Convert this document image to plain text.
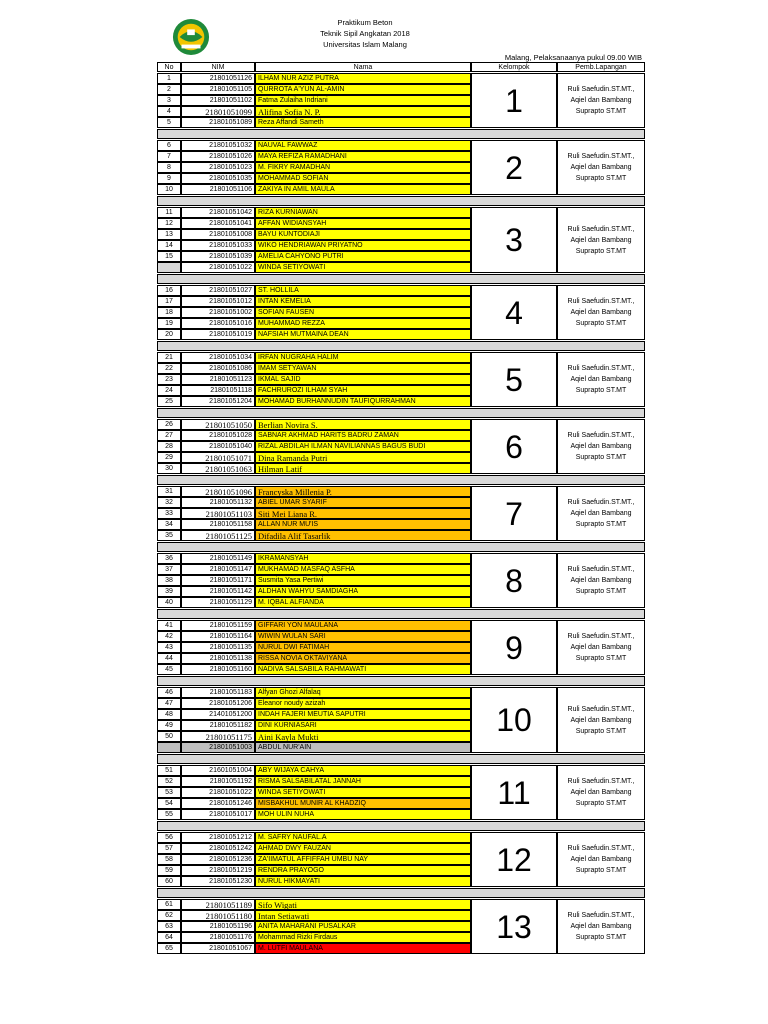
Praktikum Beton
Teknik Sipil Angkatan 2018
Universitas Islam Malang
Malang, Pelaksanaanya pukul 09.00 WIB
No	NIM	Nama	Kelompok	Pemb.Lapangan
1	21801051126 ILHAM NUR AZIZ PUTRA
2	21801051105 QURROTA A'YUN AL-AMIN
3	21801051102 Fatma Zulaiha Indriani
4	21801051099 Alifina Sofia N. P.
5	21801051089 Reza Affandi Sameth
1	Ruli Saefudin.ST.MT.,
Aqiel dan Bambang
Suprapto ST.MT
6	21801051032 NAUVAL FAWWAZ
7	21801051026 MAYA REFIZA RAMADHANI
8	21801051023 M. FIKRY RAMADHAN
9	21801051035 MOHAMMAD SOFIAN
10	21801051106 ZAKIYA IN AMIL MAULA
2	Ruli Saefudin.ST.MT.,
Aqiel dan Bambang
Suprapto ST.MT
11	21801051042 RIZA KURNIAWAN
12	21801051041 AFFAN WIDIANSYAH
13	21801051008 BAYU KUNTODIAJI
14	21801051033 WIKO HENDRIAWAN PRIYATNO
15	21801051039 AMELIA CAHYONO PUTRI
21801051022 WINDA SETIYOWATI
3	Ruli Saefudin.ST.MT.,
Aqiel dan Bambang
Suprapto ST.MT
16	21801051027 ST. HOLLILA
17	21801051012 INTAN KEMELIA
18	21801051002 SOFIAN FAUSEN
19	21801051016 MUHAMMAD REZZA
20	21801051019 NAFSIAH MUTMAINA DEAN
4	Ruli Saefudin.ST.MT.,
Aqiel dan Bambang
Suprapto ST.MT
21	21801051034 IRFAN NUGRAHA HALIM
22	21801051086 IMAM SETYAWAN
23	21801051123 IKMAL SAJID
24	21801051118 FACHRUROZI ILHAM SYAH
25	21801051204 MOHAMAD BURHANNUDIN TAUFIQURRAHMAN
5	Ruli Saefudin.ST.MT.,
Aqiel dan Bambang
Suprapto ST.MT
26	21801051050 Berlian Novira S.
27	21801051028 SABNAR AKHMAD HARITS BADRU ZAMAN
28	21801051040 RIZAL ABDILAH ILMAN NAVILIANNAS BAGUS BUDI
29	21801051071 Dina Ramanda Putri
30	21801051063 Hilman Latif
6	Ruli Saefudin.ST.MT.,
Aqiel dan Bambang
Suprapto ST.MT
31	21801051096 Francyska Millenia P.
32	21801051132 ABIEL UMAR SYARIF
33	21801051103 Siti Mei Liana R.
34	21801051158 ALLAN NUR MU'IS
35	21801051125 Difadila Alif Tasarlik
7	Ruli Saefudin.ST.MT.,
Aqiel dan Bambang
Suprapto ST.MT
36	21801051149 IKRAMANSYAH
37	21801051147 MUKHAMAD MASFAQ ASFHA
38	21801051171 Susmita Yasa Pertiwi
39	21801051142 ALDHAN WAHYU SAMDIAGHA
40	21801051129 M. IQBAL ALFIANDA
8	Ruli Saefudin.ST.MT.,
Aqiel dan Bambang
Suprapto ST.MT
41	21801051159 GIFFARI YON MAULANA
42	21801051164 WIWIN WULAN SARI
43	21801051135 NURUL DWI FATIMAH
44	21801051138 RISSA NOVIA OKTAVIYANA
45	21801051160 NADIVA SALSABILA RAHMAWATI
9	Ruli Saefudin.ST.MT.,
Aqiel dan Bambang
Suprapto ST.MT
46	21801051183 Alfyan Ghozi Alfalaq
47	21801051206 Eleanor noudy azizah
48	21401051200 INDAH FAJERI MEUTIA SAPUTRI
49	21801051182 DINI KURNIASARI
50	21801051175 Aini Kayla Mukti
21801051003 ABDUL NUR'AIN
10	Ruli Saefudin.ST.MT.,
Aqiel dan Bambang
Suprapto ST.MT
51	21601051004 ABY WIJAYA CAHYA
52	21801051192 RISMA SALSABILATAL JANNAH
53	21801051022 WINDA SETIYOWATI
54	21801051246 MISBAKHUL MUNIR AL KHADZIQ
55	21801051017 MOH ULIN NUHA
11	Ruli Saefudin.ST.MT.,
Aqiel dan Bambang
Suprapto ST.MT
56	21801051212 M. SAFRY NAUFAL.A
57	21801051242 AHMAD DWY FAUZAN
58	21801051236 ZA'IIMATUL AFFIFFAH UMBU NAY
59	21801051219 RENDRA PRAYOGO
60	21801051230 NURUL HIKMAYATI
12	Ruli Saefudin.ST.MT.,
Aqiel dan Bambang
Suprapto ST.MT
61	21801051189 Sifo Wigati
62	21801051180 Intan Setiawati
63	21801051196 ANITA MAHARANI PUSALKAR
64	21801051176 Mohammad Rizki Firdaus
65	21801051067 M. LUTFI MAULANA
13	Ruli Saefudin.ST.MT.,
Aqiel dan Bambang
Suprapto ST.MT
